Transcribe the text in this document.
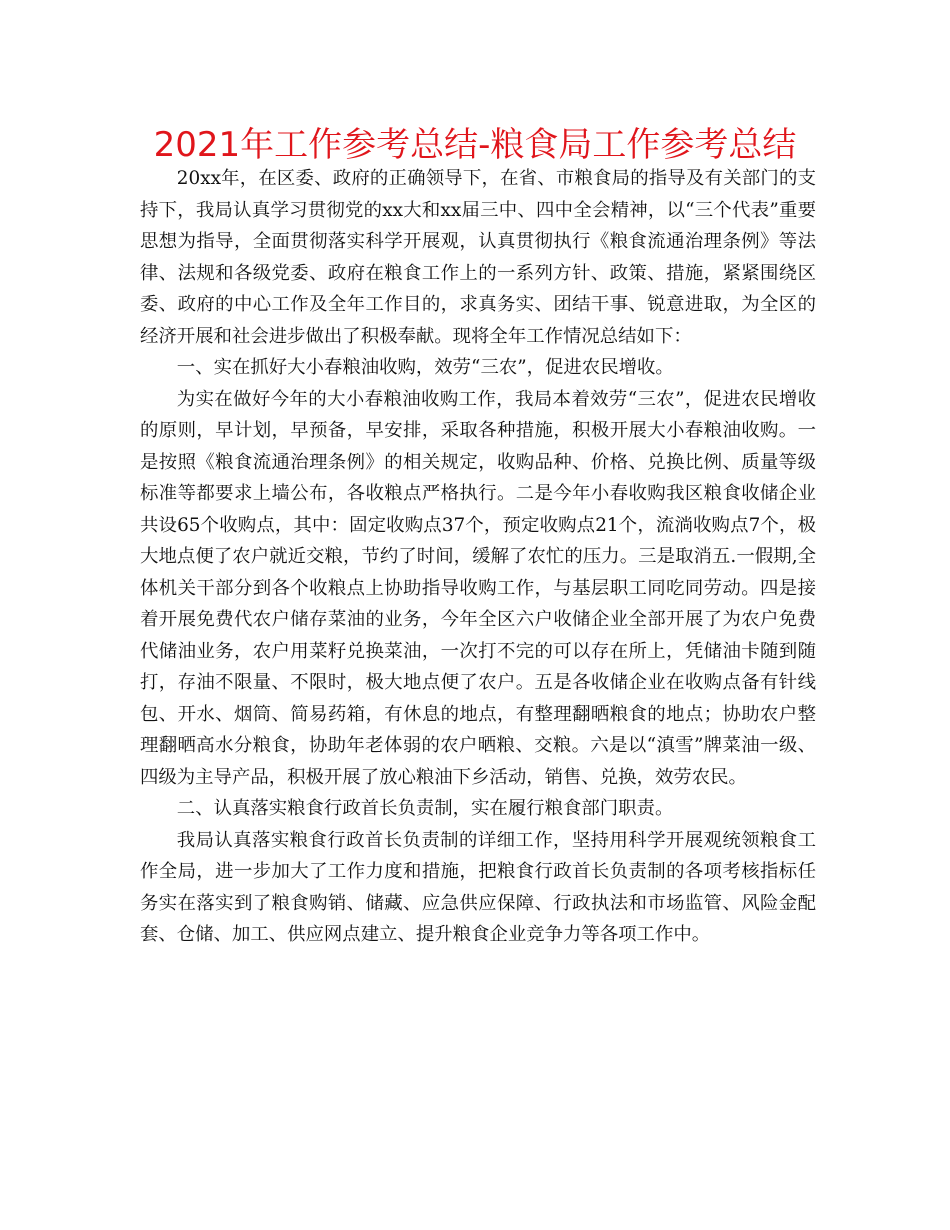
2021年工作参考总结-粮食局工作参考总结

20xx年，在区委、政府的正确领导下，在省、市粮食局的指导及有关部门的支持下，我局认真学习贯彻党的xx大和xx届三中、四中全会精神，以“三个代表”重要思想为指导，全面贯彻落实科学开展观，认真贯彻执行《粮食流通治理条例》等法律、法规和各级党委、政府在粮食工作上的一系列方针、政策、措施，紧紧围绕区委、政府的中心工作及全年工作目的，求真务实、团结干事、锐意进取，为全区的经济开展和社会进步做出了积极奉献。现将全年工作情况总结如下：

一、实在抓好大小春粮油收购，效劳“三农”，促进农民增收。

为实在做好今年的大小春粮油收购工作，我局本着效劳“三农”，促进农民增收的原则，早计划，早预备，早安排，采取各种措施，积极开展大小春粮油收购。一是按照《粮食流通治理条例》的相关规定，收购品种、价格、兑换比例、质量等级标准等都要求上墙公布，各收粮点严格执行。二是今年小春收购我区粮食收储企业共设65个收购点，其中：固定收购点37个，预定收购点21个，流淌收购点7个，极大地点便了农户就近交粮，节约了时间，缓解了农忙的压力。三是取消五.一假期,全体机关干部分到各个收粮点上协助指导收购工作，与基层职工同吃同劳动。四是接着开展免费代农户储存菜油的业务，今年全区六户收储企业全部开展了为农户免费代储油业务，农户用菜籽兑换菜油，一次打不完的可以存在所上，凭储油卡随到随打，存油不限量、不限时，极大地点便了农户。五是各收储企业在收购点备有针线包、开水、烟筒、简易药箱，有休息的地点，有整理翻晒粮食的地点；协助农户整理翻晒高水分粮食，协助年老体弱的农户晒粮、交粮。六是以“滇雪”牌菜油一级、四级为主导产品，积极开展了放心粮油下乡活动，销售、兑换，效劳农民。

二、认真落实粮食行政首长负责制，实在履行粮食部门职责。

我局认真落实粮食行政首长负责制的详细工作，坚持用科学开展观统领粮食工作全局，进一步加大了工作力度和措施，把粮食行政首长负责制的各项考核指标任务实在落实到了粮食购销、储藏、应急供应保障、行政执法和市场监管、风险金配套、仓储、加工、供应网点建立、提升粮食企业竞争力等各项工作中。
